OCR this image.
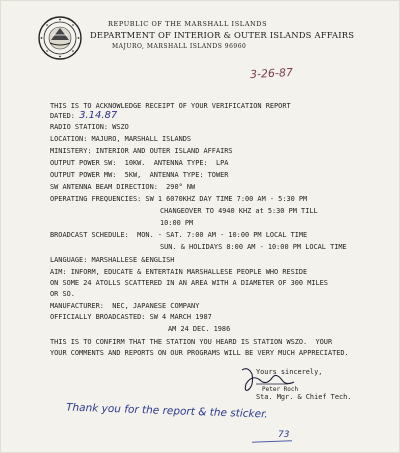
REPUBLIC OF THE MARSHALL ISLANDS
DEPARTMENT OF INTERIOR & OUTER ISLANDS AFFAIRS
MAJURO, MARSHALL ISLANDS 96960
3-26-87
THIS IS TO ACKNOWLEDGE RECEIPT OF YOUR VERIFICATION REPORT
DATED: 3.14.87
RADIO STATION: WSZO
LOCATION: MAJURO, MARSHALL ISLANDS
MINISTERY: INTERIOR AND OUTER ISLAND AFFAIRS
OUTPUT POWER SW:  10KW.  ANTENNA TYPE:  LPA
OUTPUT POWER MW:  5KW,  ANTENNA TYPE: TOWER
SW ANTENNA BEAM DIRECTION:  290° NW
OPERATING FREQUENCIES: SW 1 6070KHZ DAY TIME 7:00 AM - 5:30 PM
CHANGEOVER TO 4940 KHZ at 5:30 PM TILL
10:00 PM
BROADCAST SCHEDULE:  MON. - SAT. 7:00 AM - 10:00 PM LOCAL TIME
SUN. & HOLIDAYS 8:00 AM - 10:00 PM LOCAL TIME
LANGUAGE: MARSHALLESE &ENGLISH
AIM: INFORM, EDUCATE & ENTERTAIN MARSHALLESE PEOPLE WHO RESIDE
ON SOME 24 ATOLLS SCATTERED IN AN AREA WITH A DIAMETER OF 300 MILES
OR SO.
MANUFACTURER:  NEC, JAPANESE COMPANY
OFFICIALLY BROADCASTED: SW 4 MARCH 1987
AM 24 DEC. 1986
THIS IS TO CONFIRM THAT THE STATION YOU HEARD IS STATION WSZO.  YOUR
YOUR COMMENTS AND REPORTS ON OUR PROGRAMS WILL BE VERY MUCH APPRECIATED.
Yours sincerely,
Peter Roch
Sta. Mgr. & Chief Tech.
Thank you for the report & the sticker.
73
